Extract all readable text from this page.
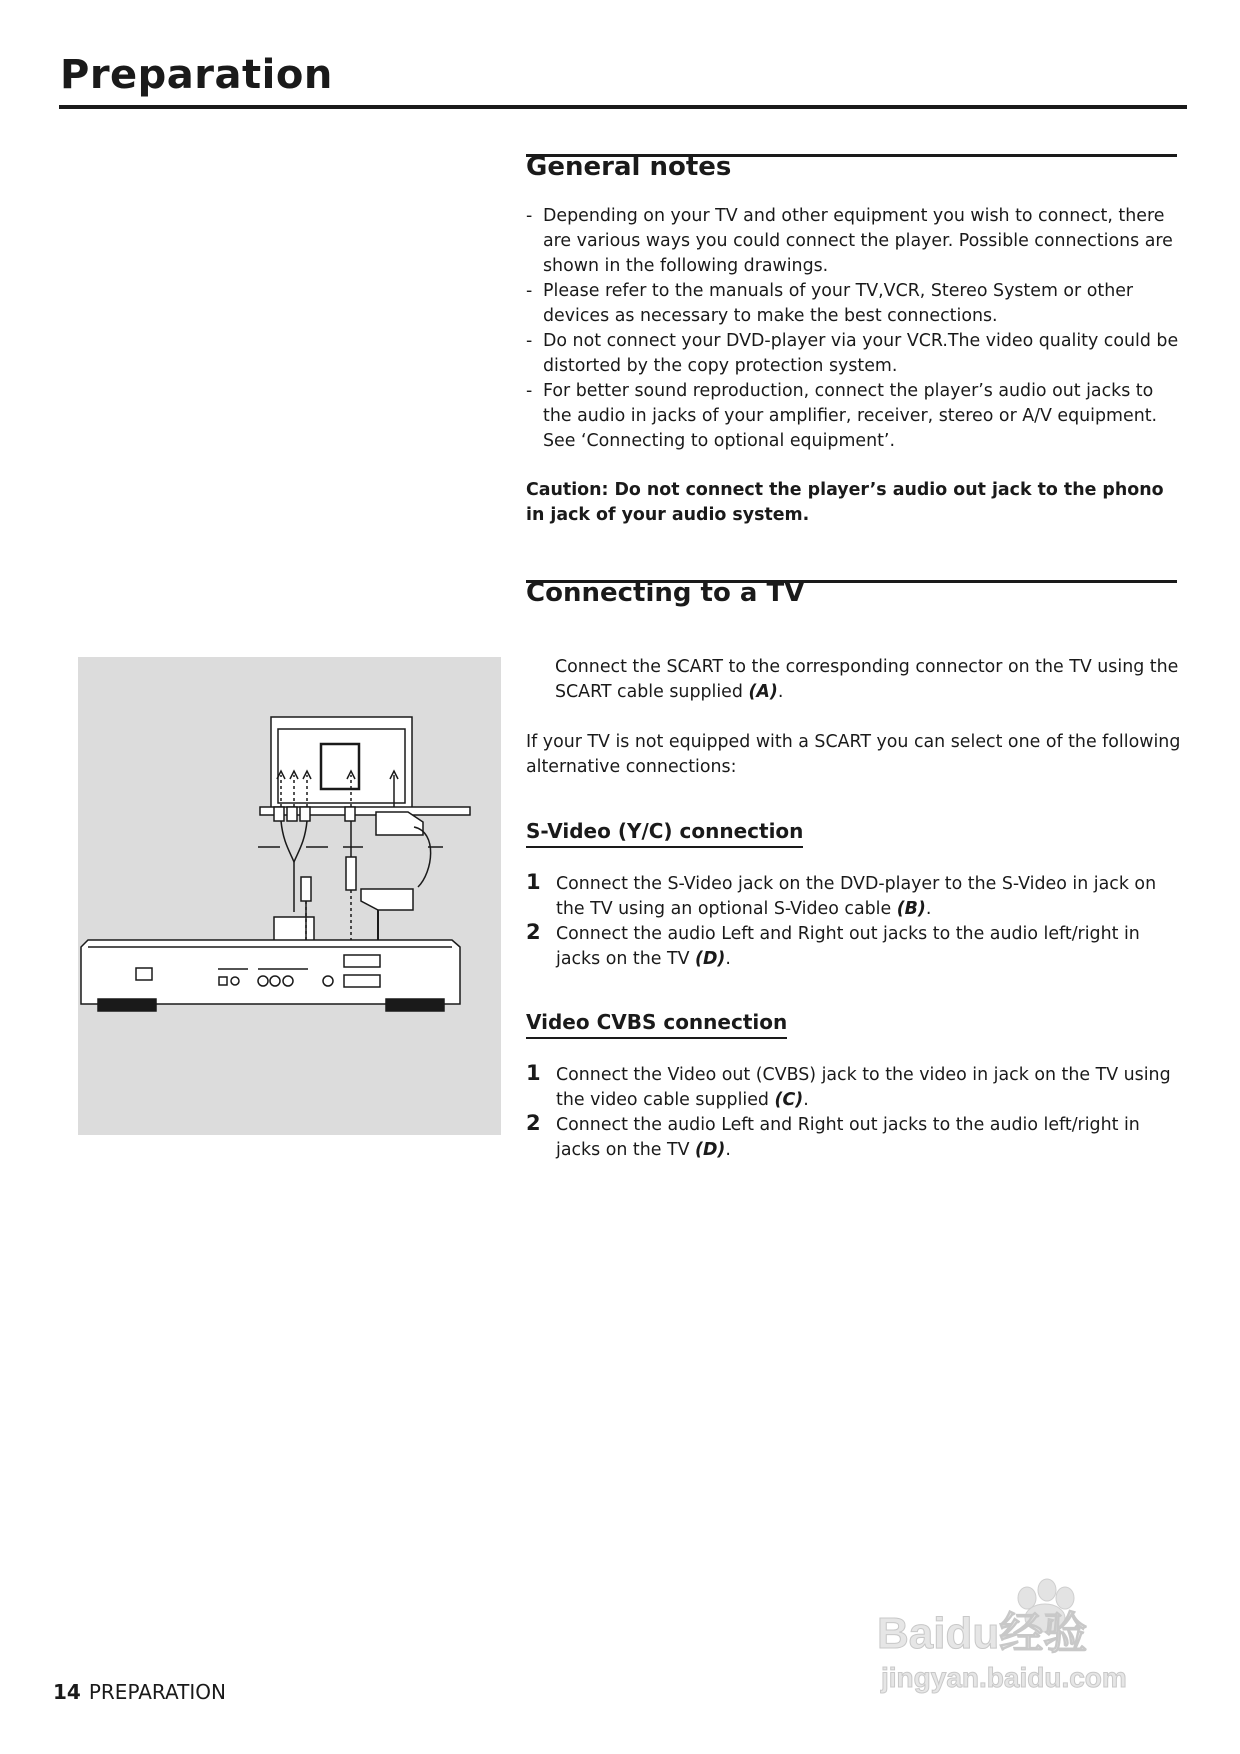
Preparation
General notes
- Depending on your TV and other equipment you wish to connect, there are various ways you could connect the player. Possible connections are shown in the following drawings.
- Please refer to the manuals of your TV,VCR, Stereo System or other devices as necessary to make the best connections.
- Do not connect your DVD-player via your VCR.The video quality could be distorted by the copy protection system.
- For better sound reproduction, connect the player’s audio out jacks to the audio in jacks of your amplifier, receiver, stereo or A/V equipment. See ‘Connecting to optional equipment’.

Caution: Do not connect the player’s audio out jack to the phono in jack of your audio system.

Connecting to a TV

Connect the SCART to the corresponding connector on the TV using the SCART cable supplied (A).

If your TV is not equipped with a SCART you can select one of the following alternative connections:

S-Video (Y/C) connection
1 Connect the S-Video jack on the DVD-player to the S-Video in jack on the TV using an optional S-Video cable (B).
2 Connect the audio Left and Right out jacks to the audio left/right in jacks on the TV (D).
Video CVBS connection
1 Connect the Video out (CVBS) jack to the video in jack on the TV using the video cable supplied (C).
2 Connect the audio Left and Right out jacks to the audio left/right in jacks on the TV (D).
14 PREPARATION
Baidu经验
jingyan.baidu.com
